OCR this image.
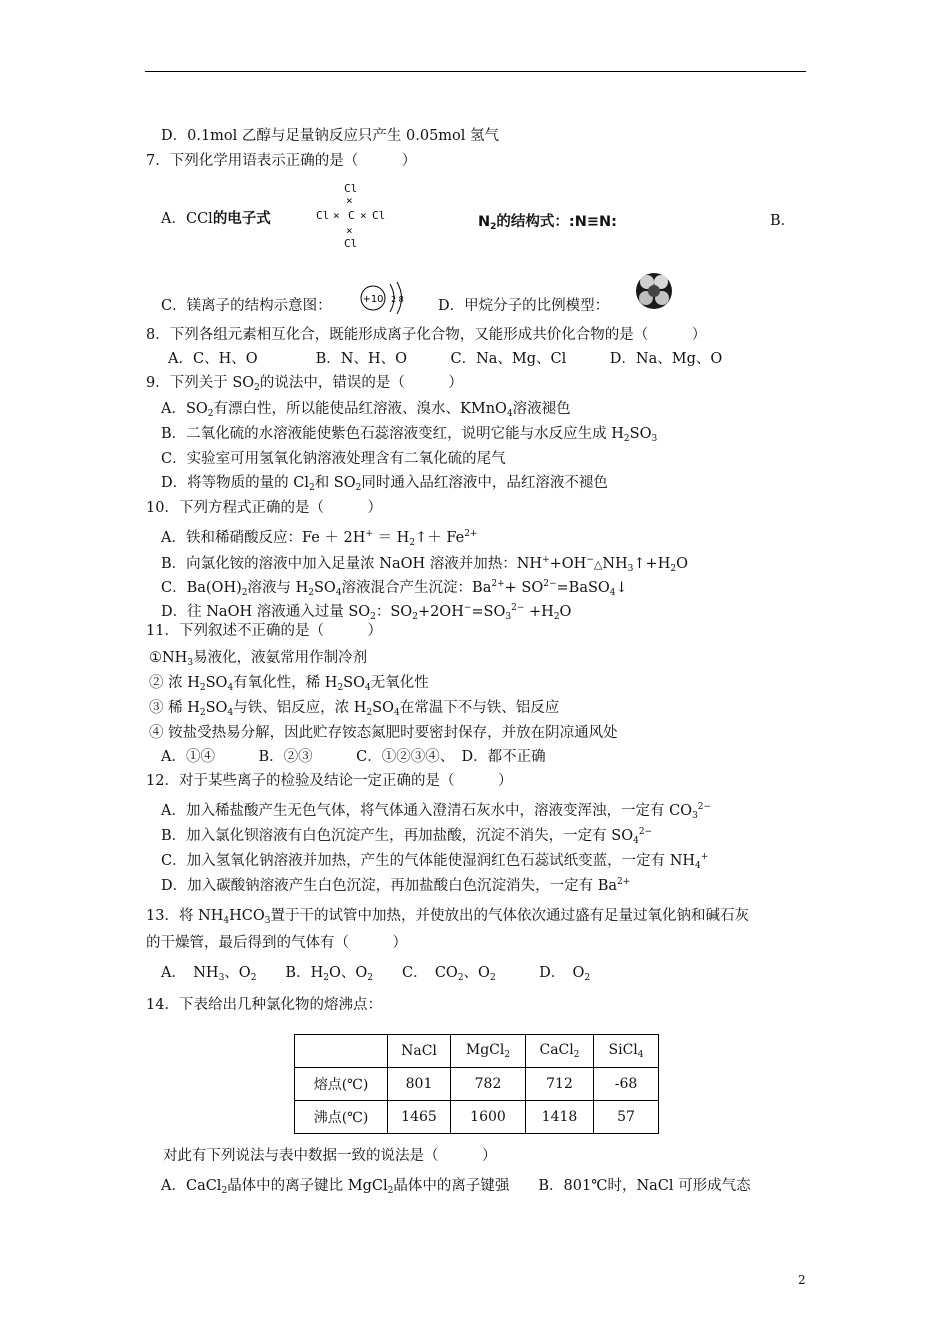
D．0.1mol 乙醇与足量钠反应只产生 0.05mol 氢气
7．下列化学用语表示正确的是（　　　）
A．CCl的电子式
Cl
×
Cl × C × Cl
×
Cl
$N_2$的结构式：:N≡N:	B．
C．镁离子的结构示意图：	+10 2 8 D．甲烷分子的比例模型：
8．下列各组元素相互化合，既能形成离子化合物，又能形成共价化合物的是（　　　）
A．C、H、O　　　　B．N、H、O　　　C．Na、Mg、Cl　　　D．Na、Mg、O
9．下列关于 $SO_2$的说法中，错误的是（　　　）
A．$SO_2$有漂白性，所以能使品红溶液、溴水、KMnO$_4$溶液褪色
B．二氧化硫的水溶液能使紫色石蕊溶液变红，说明它能与水反应生成 $H_2SO_3$
C．实验室可用氢氧化钠溶液处理含有二氧化硫的尾气
D．将等物质的量的 $Cl_2$和 $SO_2$同时通入品红溶液中，品红溶液不褪色
10．下列方程式正确的是（　　　）
A．铁和稀硝酸反应：$Fe + 2H^+ = H_2↑+ Fe^{2+}$
B．向氯化铵的溶液中加入足量浓 NaOH 溶液并加热：$NH^++OH^-\triangle NH_3↑+H_2O$
C．$Ba(OH)_2$溶液与 $H_2SO_4$溶液混合产生沉淀：$Ba^{2+}+$ $SO^{2-}=BaSO_4↓$
D．往 NaOH 溶液通入过量 $SO_2$：$SO_2+2OH^-=SO_3^{2-} +H_2O$
11．下列叙述不正确的是（　　　）
$①NH_3$易液化，液氨常用作制冷剂
② 浓 $H_2SO_4$有氧化性，稀 $H_2SO_4$无氧化性
③ 稀 $H_2SO_4$与铁、铝反应，浓 $H_2SO_4$在常温下不与铁、铝反应
④ 铵盐受热易分解，因此贮存铵态氮肥时要密封保存，并放在阴凉通风处
A．①④　　　B．②③　　　C．①②③④、　D．都不正确
12．对于某些离子的检验及结论一定正确的是（　　　）
A．加入稀盐酸产生无色气体，将气体通入澄清石灰水中，溶液变浑浊，一定有 $CO_3^{2-}$
B．加入氯化钡溶液有白色沉淀产生，再加盐酸，沉淀不消失，一定有 $SO_4^{2-}$
C．加入氢氧化钠溶液并加热，产生的气体能使湿润红色石蕊试纸变蓝，一定有 $NH_4^+$
D．加入碳酸钠溶液产生白色沉淀，再加盐酸白色沉淀消失，一定有 $Ba^{2+}$
13．将 $NH_4HCO_3$置于干的试管中加热，并使放出的气体依次通过盛有足量过氧化钠和碱石灰
的干燥管，最后得到的气体有（　　　）
A．　$NH_3$、$O_2$　　B．$H_2O$、$O_2$　　C．　$CO_2$、$O_2$　　　D．　$O_2$
14．下表给出几种氯化物的熔沸点：
	NaCl	MgCl$_2$	CaCl$_2$	SiCl$_4$
熔点(℃)	801	782	712	-68
沸点(℃)	1465	1600	1418	57
对此有下列说法与表中数据一致的说法是（　　　）
A．CaCl$_2$晶体中的离子键比 MgCl$_2$晶体中的离子键强　　B．801℃时，NaCl 可形成气态
2
